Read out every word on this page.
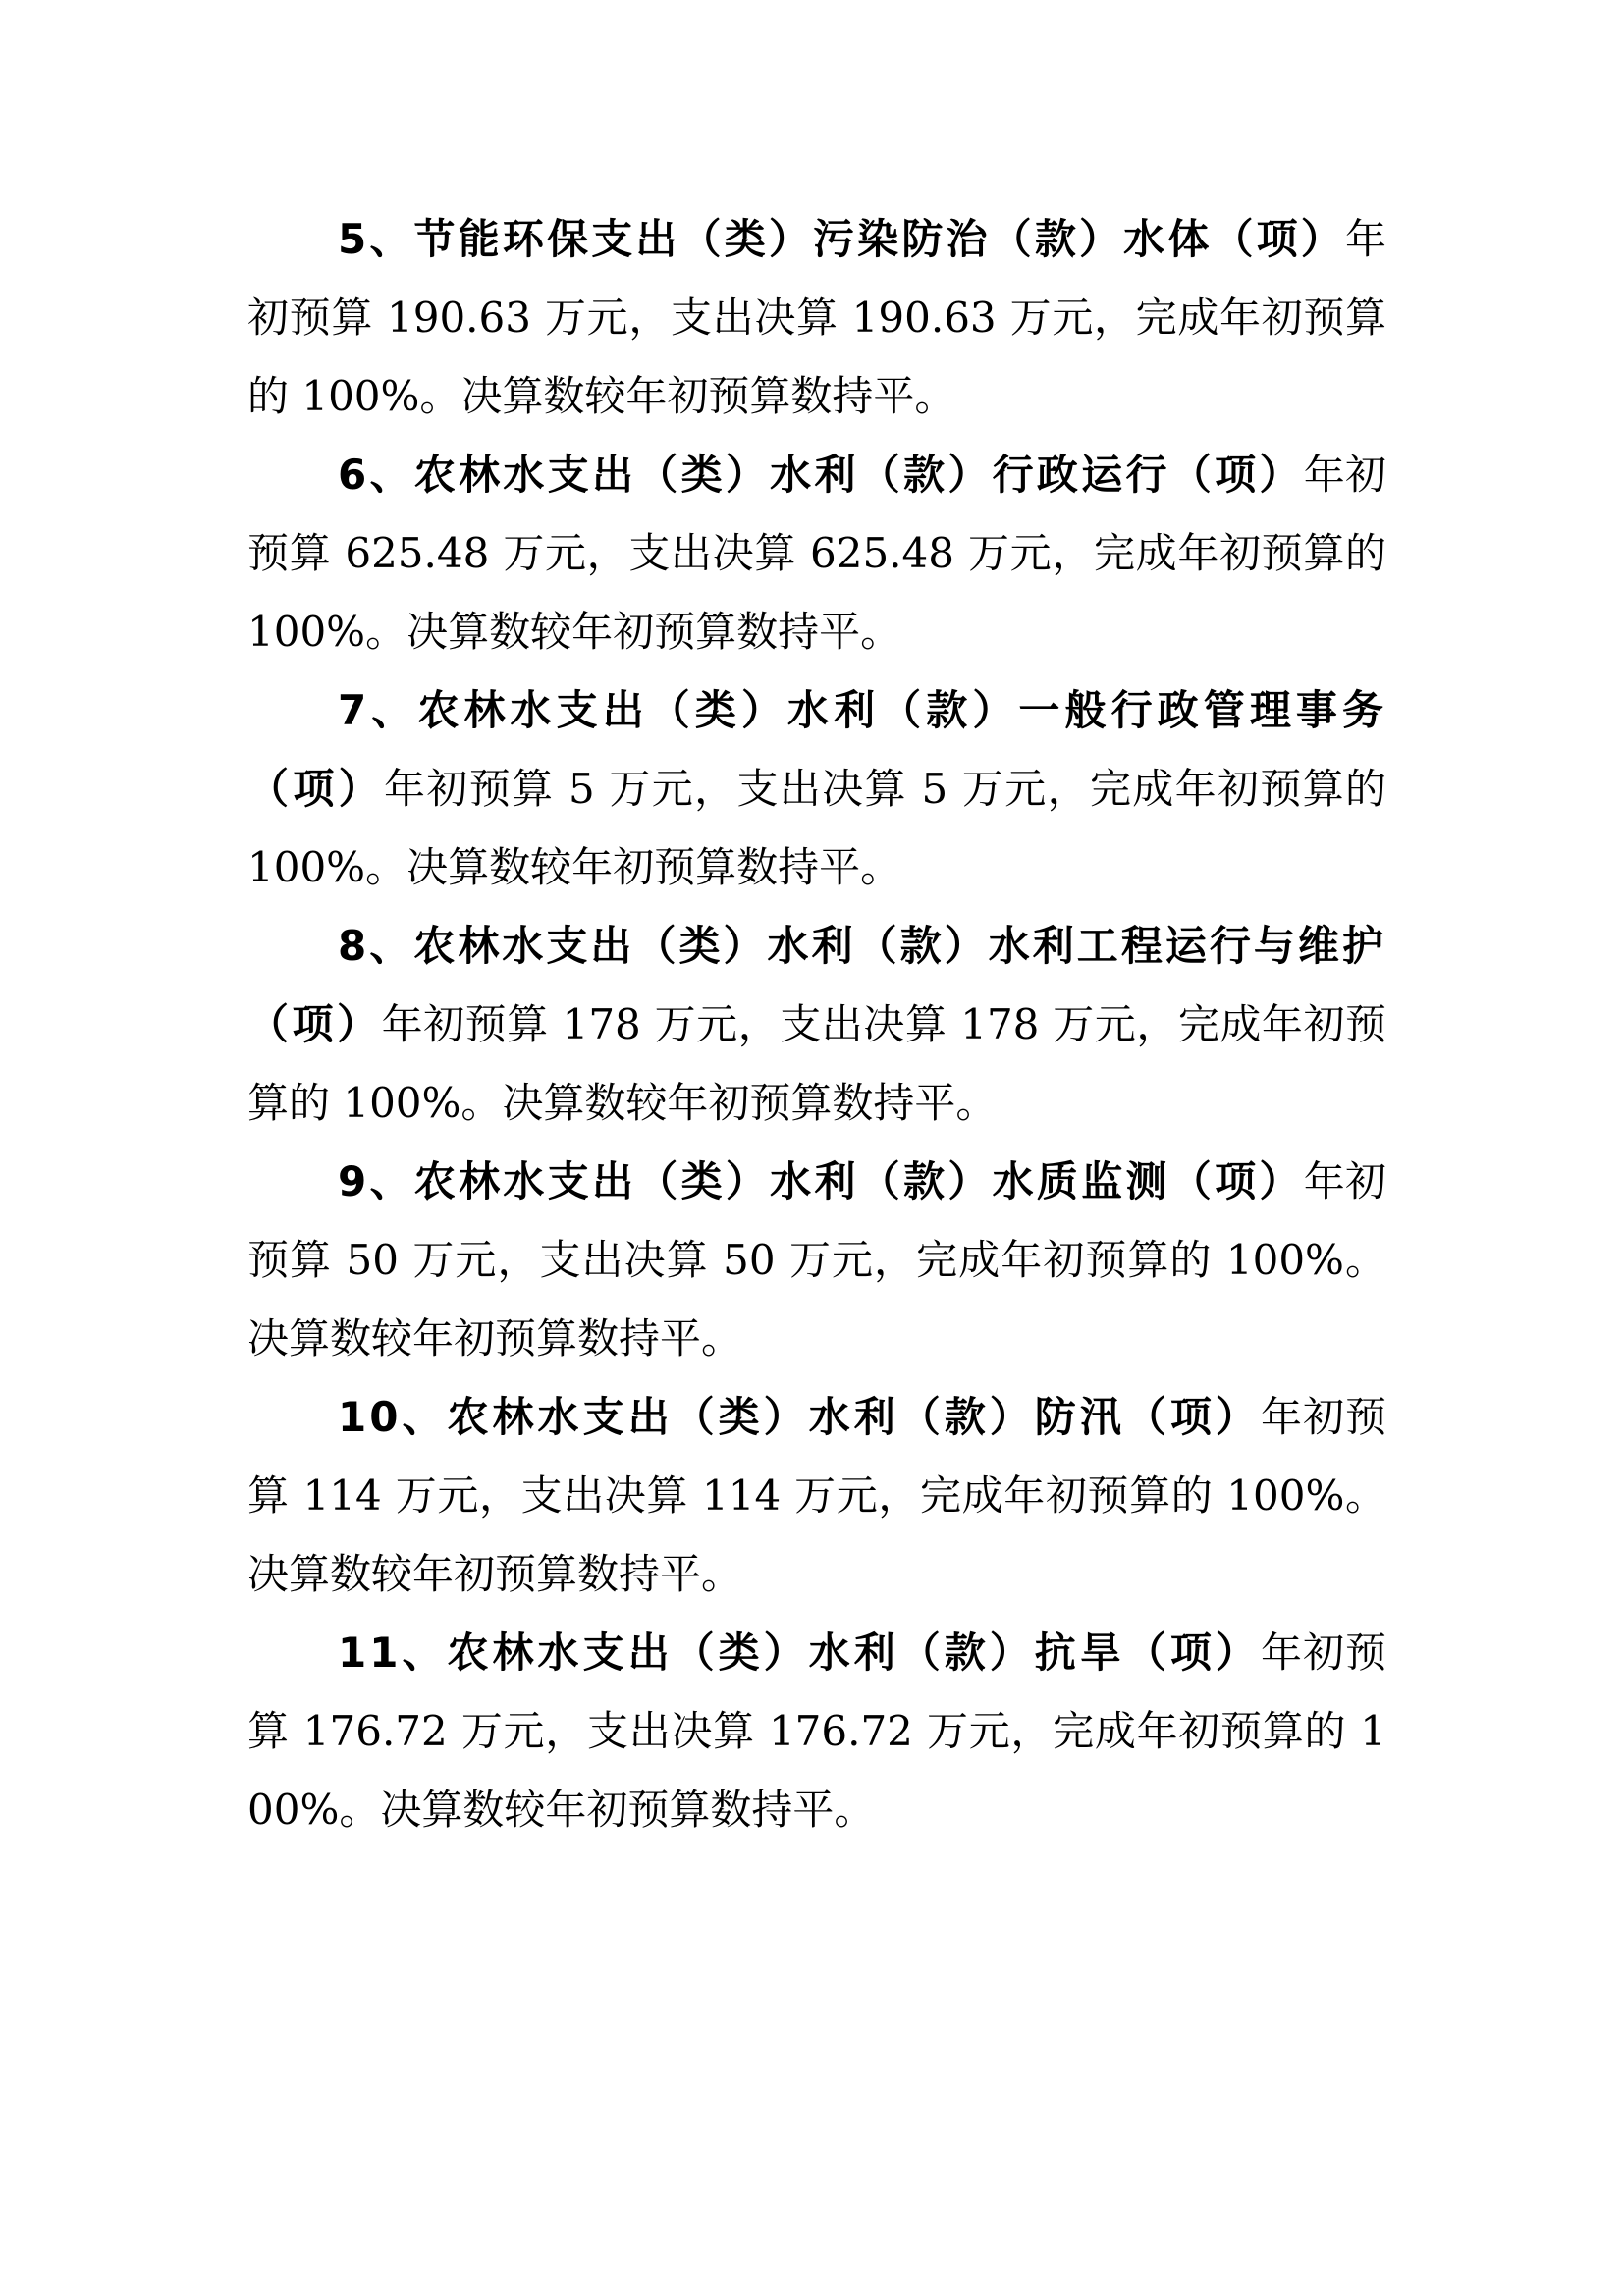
5、节能环保支出（类）污染防治（款）水体（项）年初预算 190.63 万元，支出决算 190.63 万元，完成年初预算的 100%。决算数较年初预算数持平。

6、农林水支出（类）水利（款）行政运行（项）年初预算 625.48 万元，支出决算 625.48 万元，完成年初预算的 100%。决算数较年初预算数持平。

7、农林水支出（类）水利（款）一般行政管理事务（项）年初预算 5 万元，支出决算 5 万元，完成年初预算的 100%。决算数较年初预算数持平。

8、农林水支出（类）水利（款）水利工程运行与维护（项）年初预算 178 万元，支出决算 178 万元，完成年初预算的 100%。决算数较年初预算数持平。

9、农林水支出（类）水利（款）水质监测（项）年初预算 50 万元，支出决算 50 万元，完成年初预算的 100%。决算数较年初预算数持平。

10、农林水支出（类）水利（款）防汛（项）年初预算 114 万元，支出决算 114 万元，完成年初预算的 100%。决算数较年初预算数持平。

11、农林水支出（类）水利（款）抗旱（项）年初预算 176.72 万元，支出决算 176.72 万元，完成年初预算的 100%。决算数较年初预算数持平。
